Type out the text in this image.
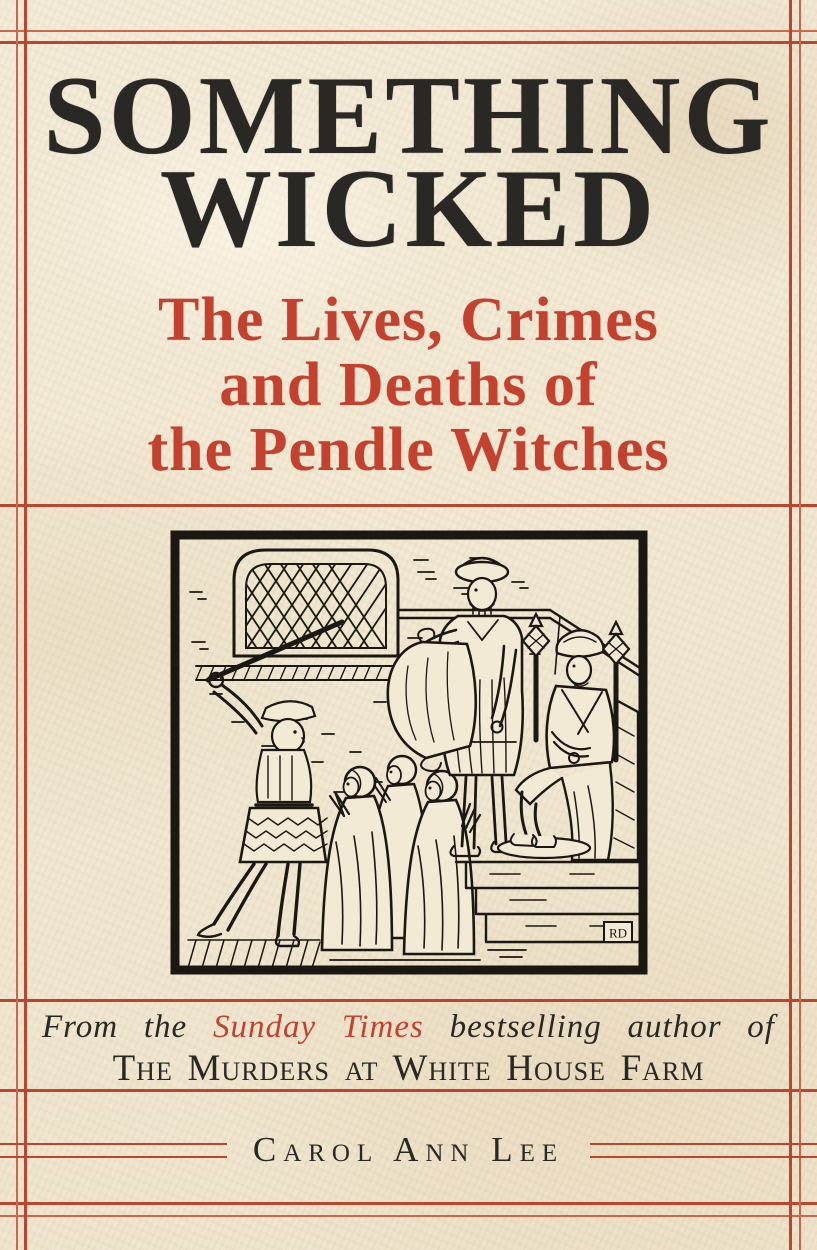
SOMETHING
WICKED
The Lives, Crimes
and Deaths of
the Pendle Witches
RD
From the Sunday Times bestselling author of
The Murders at White House Farm
Carol Ann Lee
